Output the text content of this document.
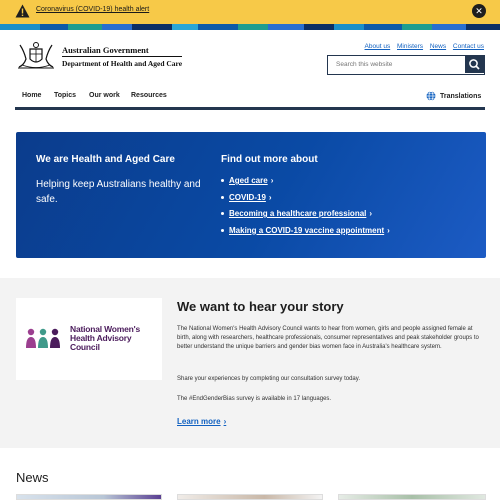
Coronavirus (COVID-19) health alert	✕
Australian Government
Department of Health and Aged Care
About us Ministers News Contact us
Search this website
Home Topics Our work Resources	Translations
We are Health and Aged Care
Helping keep Australians healthy and safe.
Find out more about
Aged care ›
COVID-19 ›
Becoming a healthcare professional ›
Making a COVID-19 vaccine appointment ›
National Women's Health Advisory Council
We want to hear your story

The National Women's Health Advisory Council wants to hear from women, girls and people assigned female at birth, along with researchers, healthcare professionals, consumer representatives and peak stakeholder groups to better understand the unique barriers and gender bias women face in Australia's healthcare system.

Share your experiences by completing our consultation survey today.

The #EndGenderBias survey is available in 17 languages.

Learn more ›
News
